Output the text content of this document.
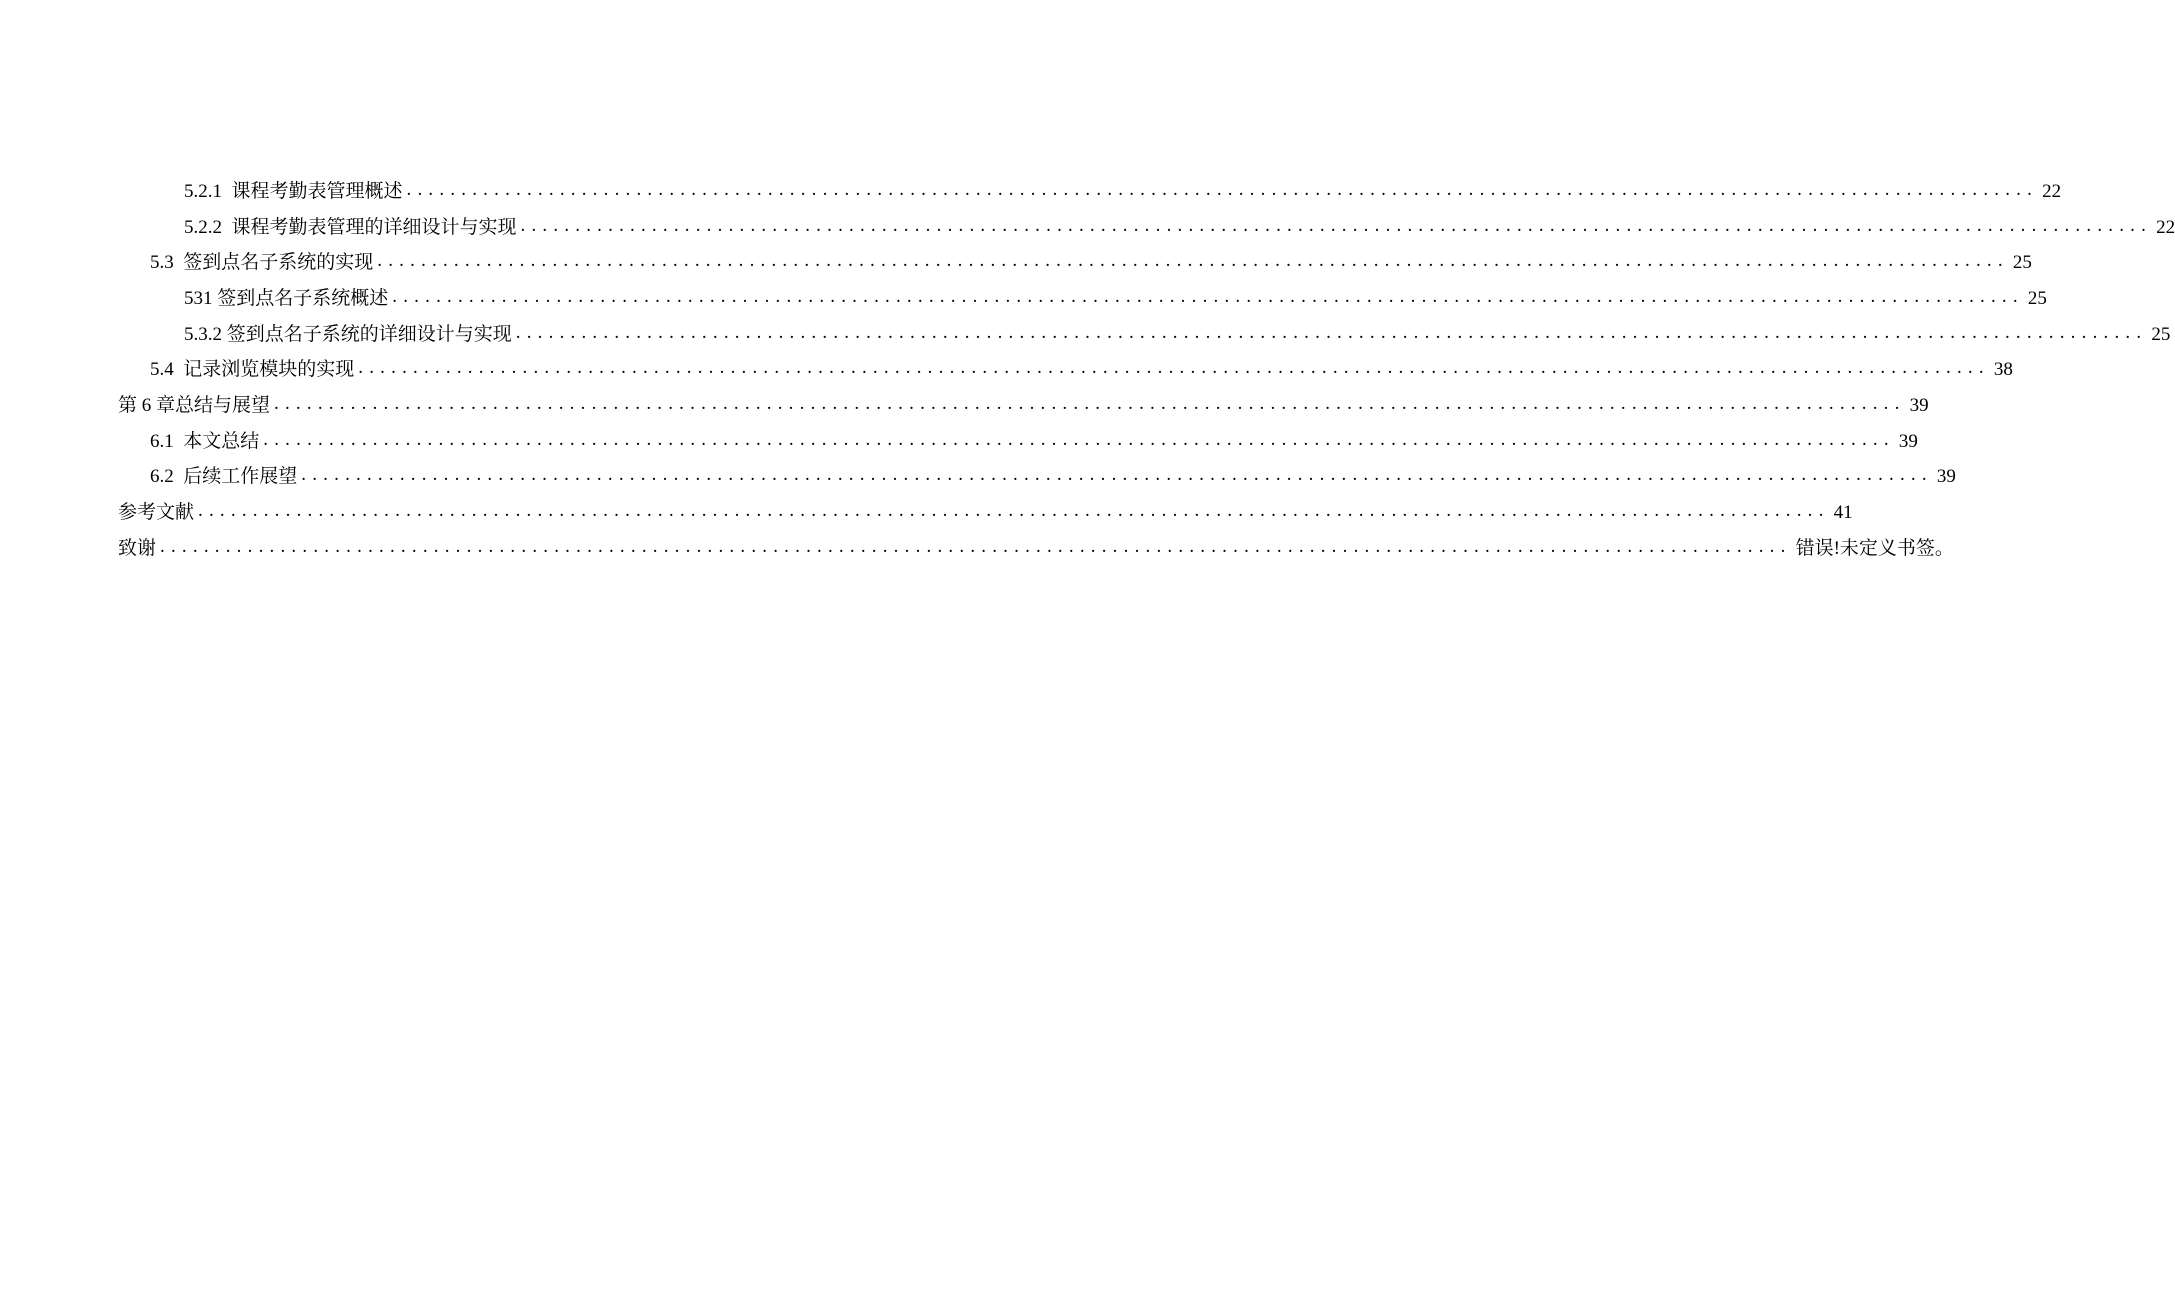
5.2.1 课程考勤表管理概述 ..................................................................................................................................................... 22
5.2.2 课程考勤表管理的详细设计与实现 ..................................................................................................................................................... 22
5.3 签到点名子系统的实现 ..................................................................................................................................................... 25
531 签到点名子系统概述 ..................................................................................................................................................... 25
5.3.2 签到点名子系统的详细设计与实现 ..................................................................................................................................................... 25
5.4 记录浏览模块的实现 ..................................................................................................................................................... 38
第 6 章总结与展望 ..................................................................................................................................................... 39
6.1 本文总结 ..................................................................................................................................................... 39
6.2 后续工作展望 ..................................................................................................................................................... 39
参考文献 ..................................................................................................................................................... 41
致谢 ..................................................................................................................................................... 错误!未定义书签。
